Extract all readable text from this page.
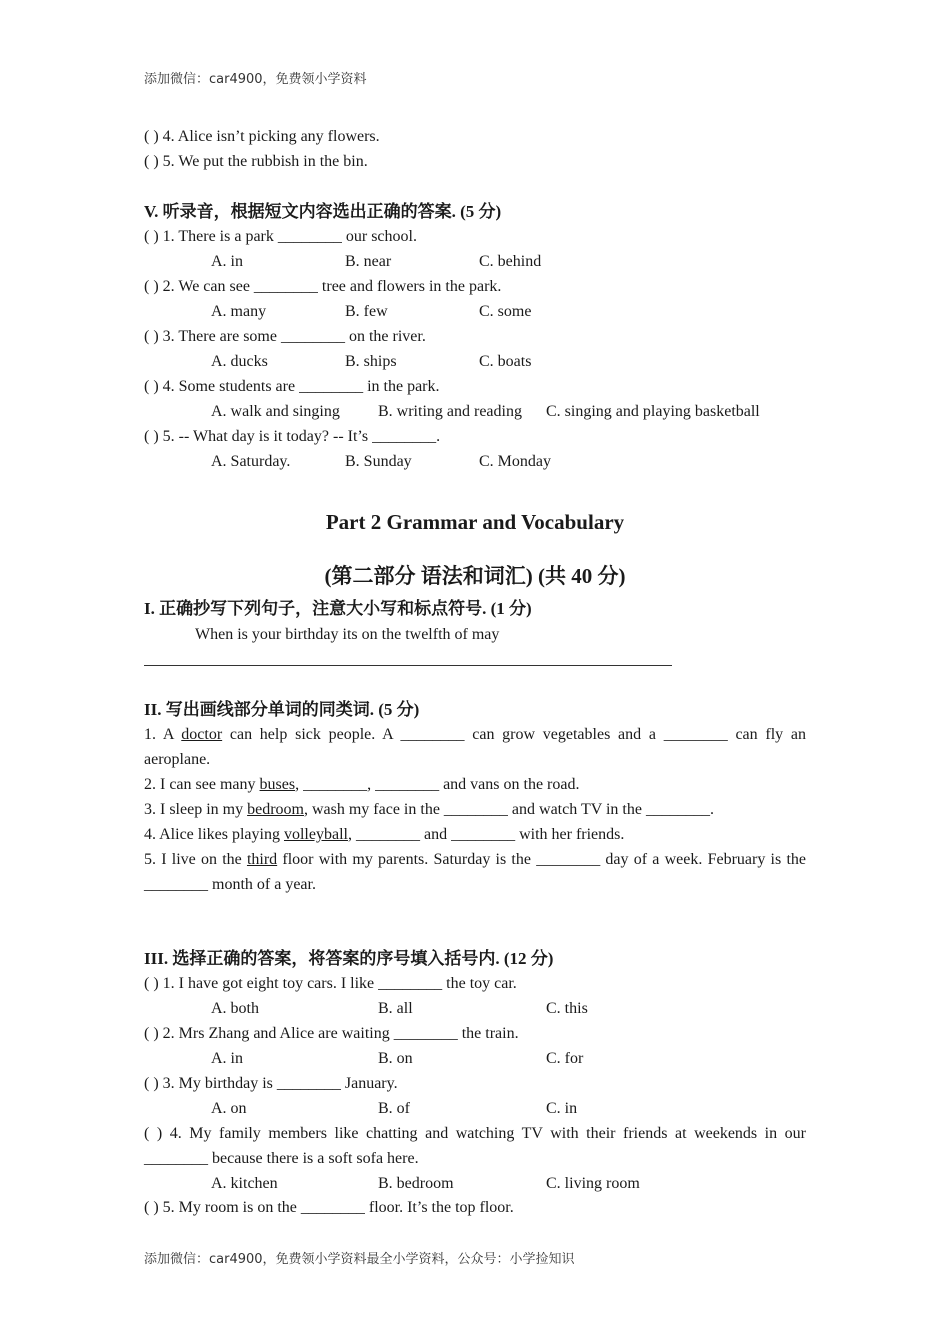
添加微信：car4900，免费领小学资料
( ) 4. Alice isn’t picking any flowers.
( ) 5. We put the rubbish in the bin.
V. 听录音，根据短文内容选出正确的答案. (5 分)
( ) 1. There is a park ________ our school.
A. in	B. near	C. behind
( ) 2. We can see ________ tree and flowers in the park.
A. many	B. few	C. some
( ) 3. There are some ________ on the river.
A. ducks	B. ships	C. boats
( ) 4. Some students are ________ in the park.
A. walk and singing B. writing and reading C. singing and playing basketball
( ) 5. -- What day is it today? -- It’s ________.
A. Saturday.	B. Sunday	C. Monday
Part 2 Grammar and Vocabulary
(第二部分 语法和词汇) (共 40 分)
I. 正确抄写下列句子，注意大小写和标点符号. (1 分)
When is your birthday its on the twelfth of may
II. 写出画线部分单词的同类词. (5 分)
1. A doctor can help sick people. A ________ can grow vegetables and a ________ can fly an aeroplane.
2. I can see many buses, ________, ________ and vans on the road.
3. I sleep in my bedroom, wash my face in the ________ and watch TV in the ________.
4. Alice likes playing volleyball, ________ and ________ with her friends.
5. I live on the third floor with my parents. Saturday is the ________ day of a week. February is the ________ month of a year.
III. 选择正确的答案，将答案的序号填入括号内. (12 分)
( ) 1. I have got eight toy cars. I like ________ the toy car.
A. both	B. all	C. this
( ) 2. Mrs Zhang and Alice are waiting ________ the train.
A. in	B. on	C. for
( ) 3. My birthday is ________ January.
A. on	B. of	C. in
( ) 4. My family members like chatting and watching TV with their friends at weekends in our ________ because there is a soft sofa here.
A. kitchen	B. bedroom	C. living room
( ) 5. My room is on the ________ floor. It’s the top floor.
添加微信：car4900，免费领小学资料最全小学资料，公众号：小学捡知识
